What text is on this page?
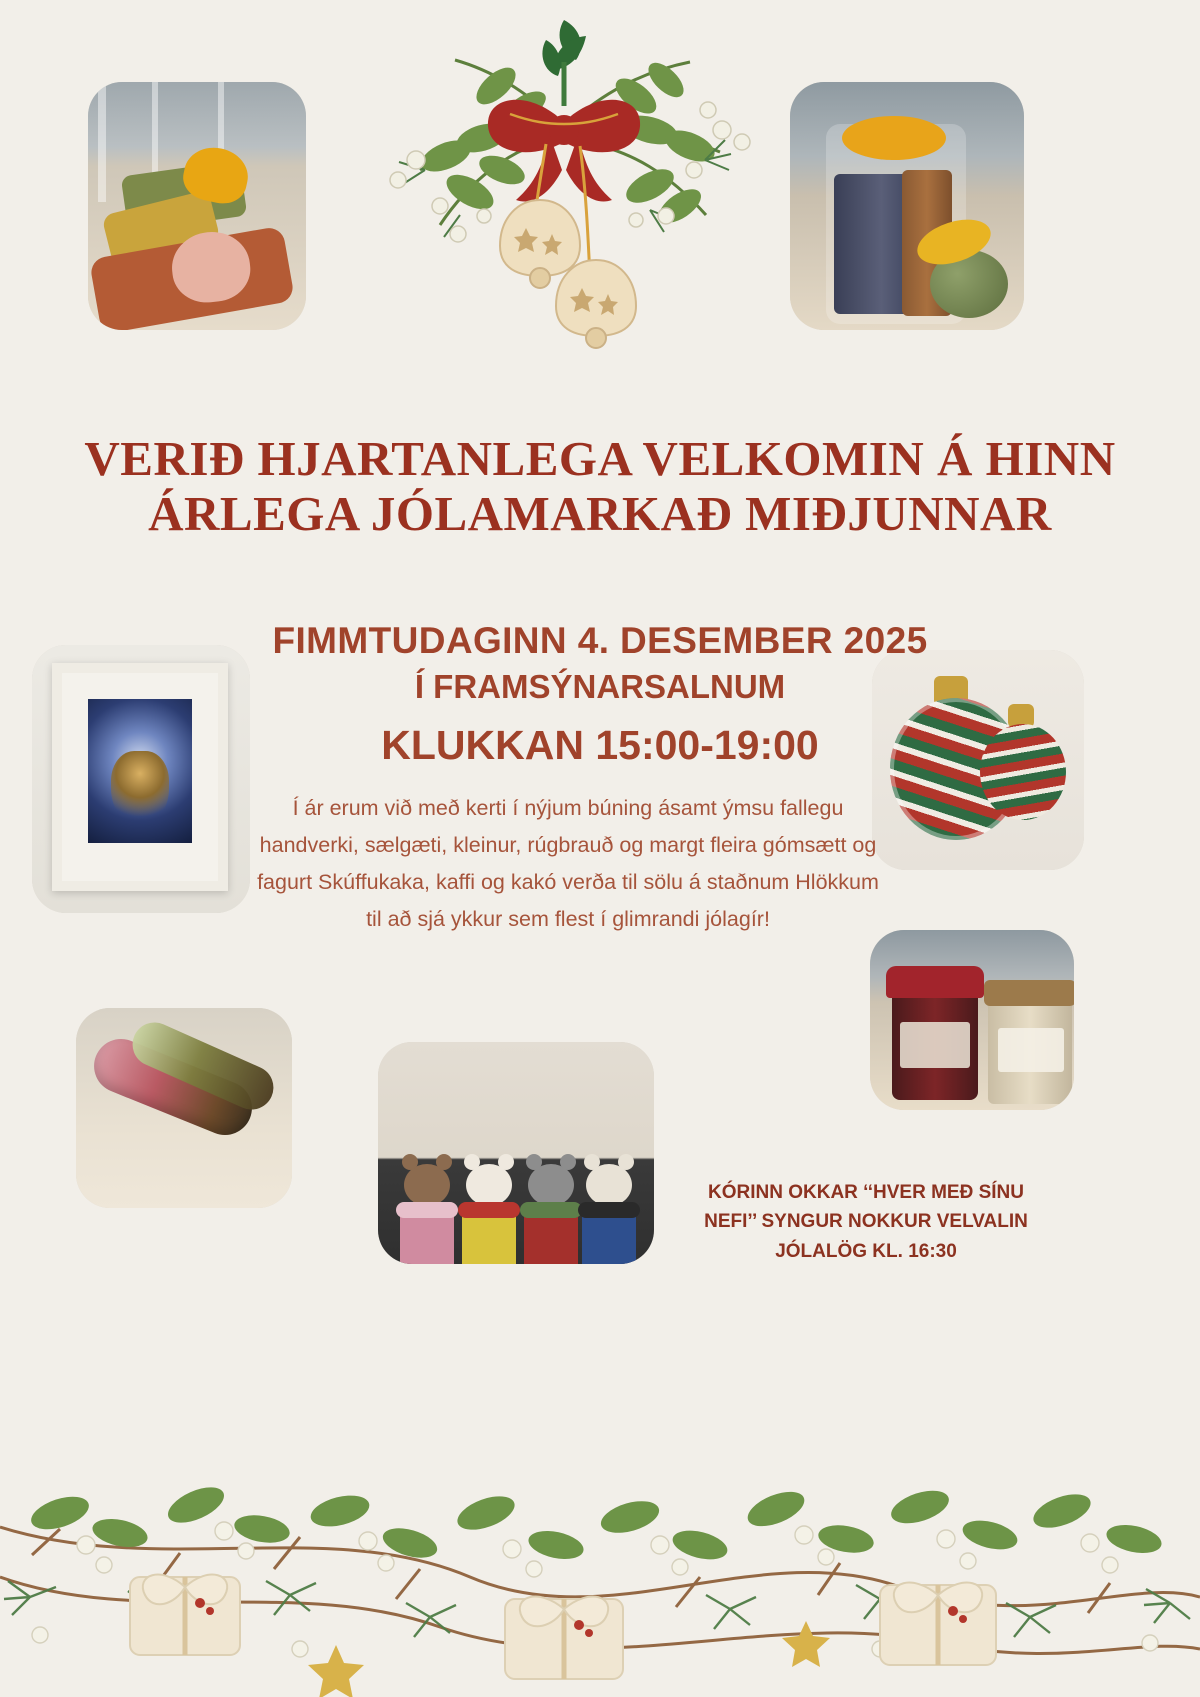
VERIÐ HJARTANLEGA VELKOMIN Á HINN ÁRLEGA JÓLAMARKAÐ MIÐJUNNAR
FIMMTUDAGINN 4. DESEMBER 2025
Í FRAMSÝNARSALNUM
KLUKKAN 15:00-19:00
Í ár erum við með kerti í nýjum búning ásamt ýmsu fallegu handverki, sælgæti, kleinur, rúgbrauð og margt fleira gómsætt og fagurt Skúffukaka, kaffi og kakó verða til sölu á staðnum Hlökkum til að sjá ykkur sem flest í glimrandi jólagír!
KÓRINN OKKAR ‘‘HVER MEÐ SÍNU NEFI’’ SYNGUR NOKKUR VELVALIN JÓLALÖG KL. 16:30
